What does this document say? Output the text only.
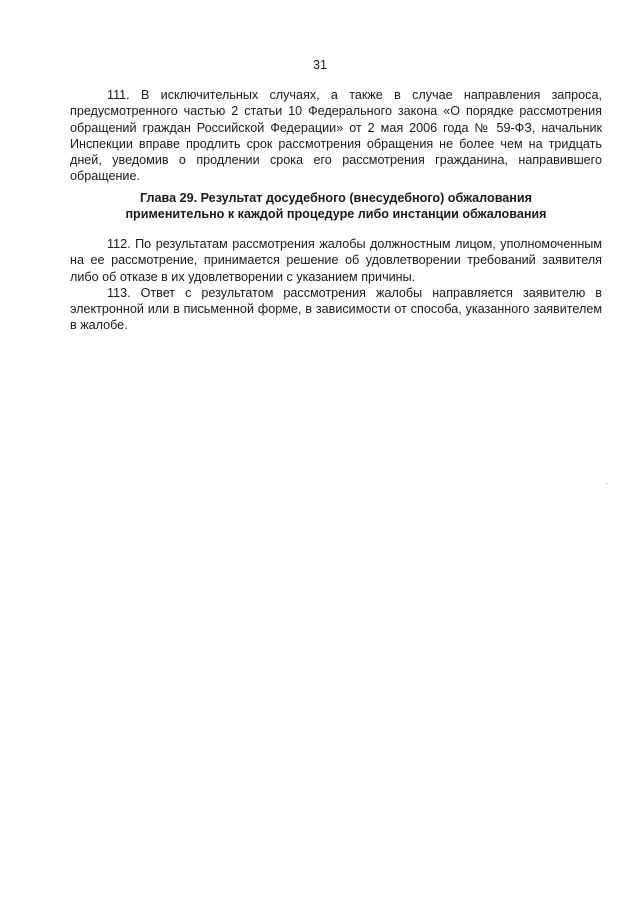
31

111. В исключительных случаях, а также в случае направления запроса, предусмотренного частью 2 статьи 10 Федерального закона «О порядке рассмотрения обращений граждан Российской Федерации» от 2 мая 2006 года № 59-ФЗ, начальник Инспекции вправе продлить срок рассмотрения обращения не более чем на тридцать дней, уведомив о продлении срока его рассмотрения гражданина, направившего обращение.

Глава 29. Результат досудебного (внесудебного) обжалования
применительно к каждой процедуре либо инстанции обжалования

112. По результатам рассмотрения жалобы должностным лицом, уполномоченным на ее рассмотрение, принимается решение об удовлетворении требований заявителя либо об отказе в их удовлетворении с указанием причины.

113. Ответ с результатом рассмотрения жалобы направляется заявителю в электронной или в письменной форме, в зависимости от способа, указанного заявителем в жалобе.
